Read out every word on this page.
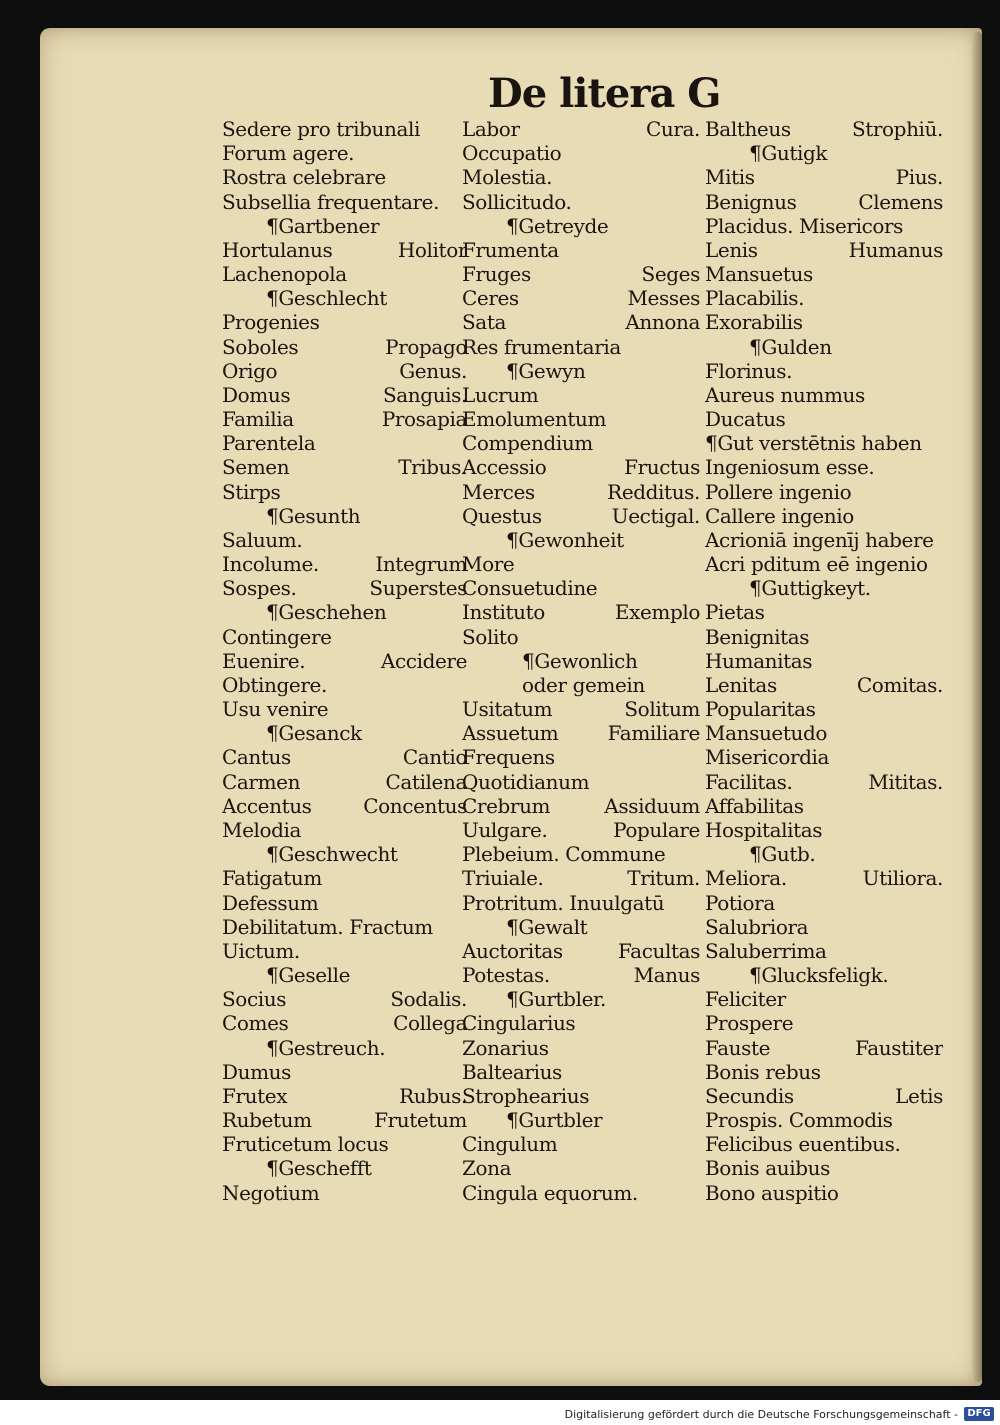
De litera G
Sedere pro tribunali
Forum agere.
Rostra celebrare
Subsellia frequentare.
¶Gartbener
Hortulanus	Holitor
Lachenopola
¶Geschlecht
Progenies
Soboles	Propago
Origo	Genus.
Domus	Sanguis.
Familia	Prosapia
Parentela
Semen	Tribus.
Stirps
¶Gesunth
Saluum.
Incolume.	Integrum
Sospes.	Superstes
¶Geschehen
Contingere
Euenire.	Accidere
Obtingere.
Usu venire
¶Gesanck
Cantus	Cantio
Carmen	Catilena
Accentus	Concentus
Melodia
¶Geschwecht
Fatigatum
Defessum
Debilitatum. Fractum
Uictum.
¶Geselle
Socius	Sodalis.
Comes	Collega
¶Gestreuch.
Dumus
Frutex	Rubus.
Rubetum	Frutetum
Fruticetum locus
¶Geschefft
Negotium
Labor	Cura.
Occupatio
Molestia.
Sollicitudo.
¶Getreyde
Frumenta
Fruges	Seges
Ceres	Messes
Sata	Annona
Res frumentaria
¶Gewyn
Lucrum
Emolumentum
Compendium
Accessio	Fructus
Merces	Redditus.
Questus	Uectigal.
¶Gewonheit
More
Consuetudine
Instituto	Exemplo
Solito
¶Gewonlich
oder gemein
Usitatum	Solitum
Assuetum Familiare
Frequens
Quotidianum
Crebrum	Assiduum
Uulgare.	Populare
Plebeium. Commune
Triuiale.	Tritum.
Protritum. Inuulgatū
¶Gewalt
Auctoritas	Facultas
Potestas.	Manus
¶Gurtbler.
Cingularius
Zonarius
Baltearius
Strophearius
¶Gurtbler
Cingulum
Zona
Cingula equorum.
Baltheus	Strophiū.
¶Gutigk
Mitis	Pius.
Benignus	Clemens
Placidus. Misericors
Lenis	Humanus
Mansuetus
Placabilis.
Exorabilis
¶Gulden
Florinus.
Aureus nummus
Ducatus
¶Gut verstētnis haben
Ingeniosum esse.
Pollere ingenio
Callere ingenio
Acrioniā ingenīj habere
Acri pditum eē ingenio
¶Guttigkeyt.
Pietas
Benignitas
Humanitas
Lenitas	Comitas.
Popularitas
Mansuetudo
Misericordia
Facilitas.	Mititas.
Affabilitas
Hospitalitas
¶Gutb.
Meliora.	Utiliora.
Potiora
Salubriora
Saluberrima
¶Glucksfeligk.
Feliciter
Prospere
Fauste	Faustiter
Bonis rebus
Secundis	Letis
Prospis. Commodis
Felicibus euentibus.
Bonis auibus
Bono auspitio
Digitalisierung gefördert durch die Deutsche Forschungsgemeinschaft - DFG
